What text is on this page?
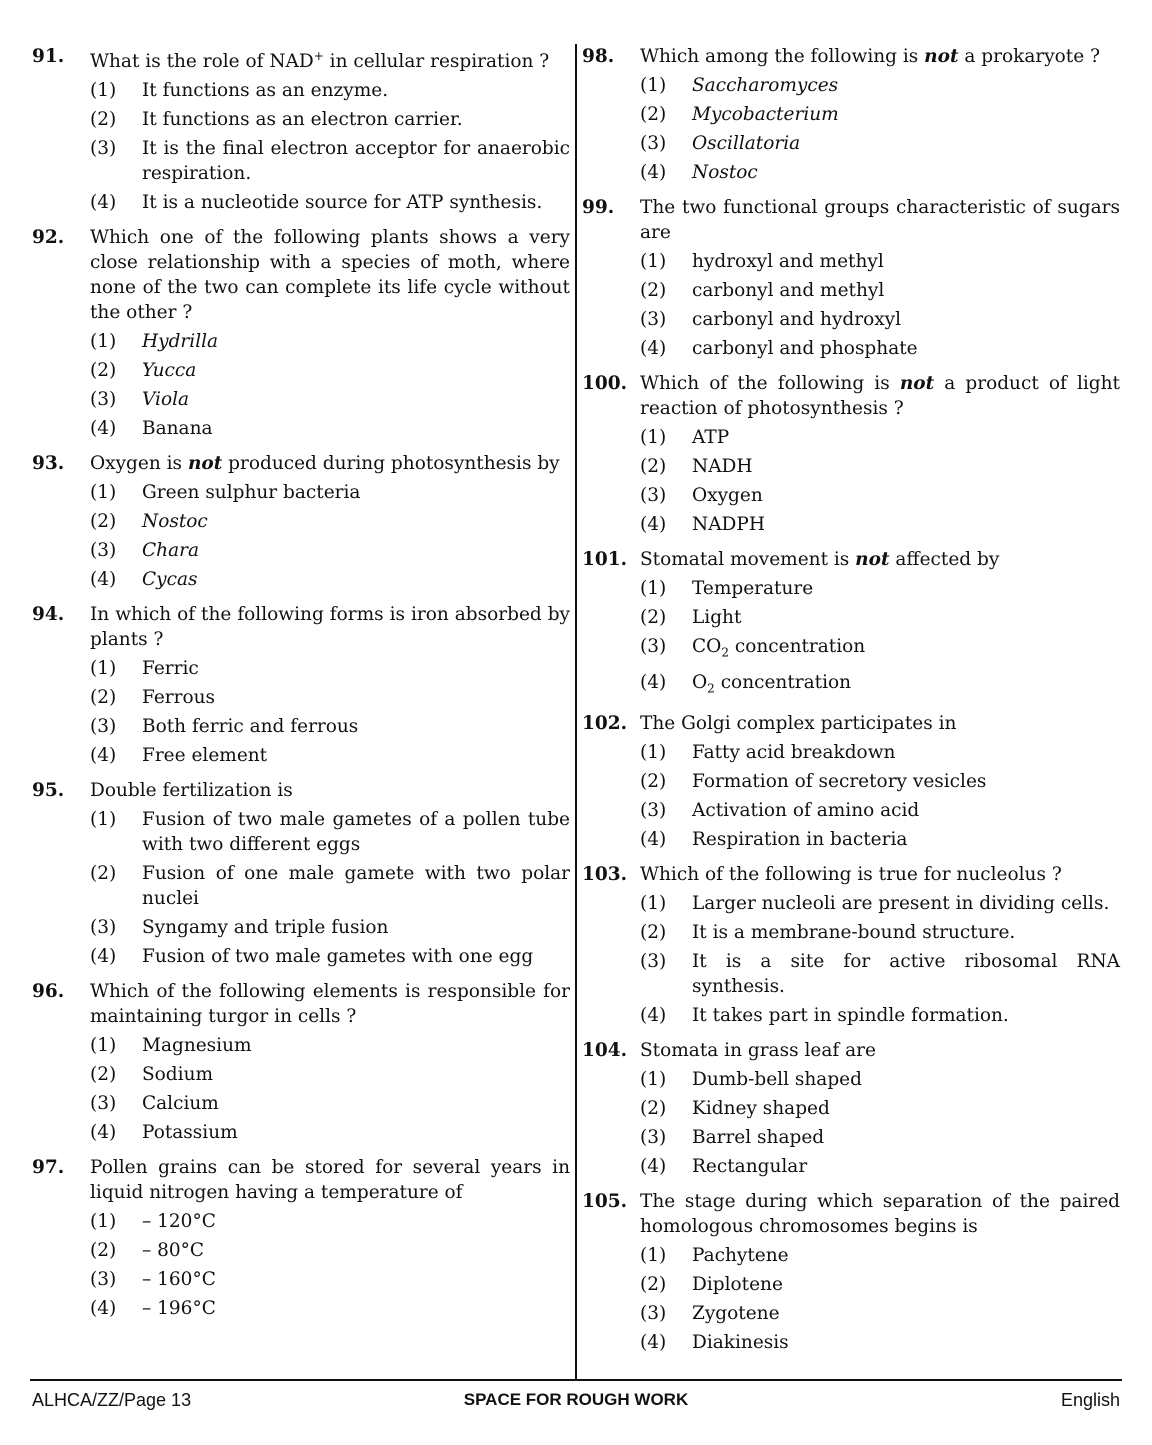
91.	What is the role of NAD+ in cellular respiration ?
(1)	It functions as an enzyme.
(2)	It functions as an electron carrier.
(3)	It is the final electron acceptor for anaerobic respiration.
(4)	It is a nucleotide source for ATP synthesis.
92.	Which one of the following plants shows a very close relationship with a species of moth, where none of the two can complete its life cycle without the other ?
(1)	Hydrilla
(2)	Yucca
(3)	Viola
(4)	Banana
93.	Oxygen is not produced during photosynthesis by
(1)	Green sulphur bacteria
(2)	Nostoc
(3)	Chara
(4)	Cycas
94.	In which of the following forms is iron absorbed by plants ?
(1)	Ferric
(2)	Ferrous
(3)	Both ferric and ferrous
(4)	Free element
95.	Double fertilization is
(1)	Fusion of two male gametes of a pollen tube with two different eggs
(2)	Fusion of one male gamete with two polar nuclei
(3)	Syngamy and triple fusion
(4)	Fusion of two male gametes with one egg
96.	Which of the following elements is responsible for maintaining turgor in cells ?
(1)	Magnesium
(2)	Sodium
(3)	Calcium
(4)	Potassium
97.	Pollen grains can be stored for several years in liquid nitrogen having a temperature of
(1)	– 120°C
(2)	– 80°C
(3)	– 160°C
(4)	– 196°C
98.	Which among the following is not a prokaryote ?
(1)	Saccharomyces
(2)	Mycobacterium
(3)	Oscillatoria
(4)	Nostoc
99.	The two functional groups characteristic of sugars are
(1)	hydroxyl and methyl
(2)	carbonyl and methyl
(3)	carbonyl and hydroxyl
(4)	carbonyl and phosphate
100. Which of the following is not a product of light reaction of photosynthesis ?
(1)	ATP
(2)	NADH
(3)	Oxygen
(4)	NADPH
101. Stomatal movement is not affected by
(1)	Temperature
(2)	Light
(3)	$CO_2$ concentration
(4)	$O_2$ concentration
102. The Golgi complex participates in
(1)	Fatty acid breakdown
(2)	Formation of secretory vesicles
(3)	Activation of amino acid
(4)	Respiration in bacteria
103. Which of the following is true for nucleolus ?
(1)	Larger nucleoli are present in dividing cells.
(2)	It is a membrane-bound structure.
(3)	It is a site for active ribosomal RNA synthesis.
(4)	It takes part in spindle formation.
104. Stomata in grass leaf are
(1)	Dumb-bell shaped
(2)	Kidney shaped
(3)	Barrel shaped
(4)	Rectangular
105. The stage during which separation of the paired homologous chromosomes begins is
(1)	Pachytene
(2)	Diplotene
(3)	Zygotene
(4)	Diakinesis
ALHCA/ZZ/Page 13	SPACE FOR ROUGH WORK	English
